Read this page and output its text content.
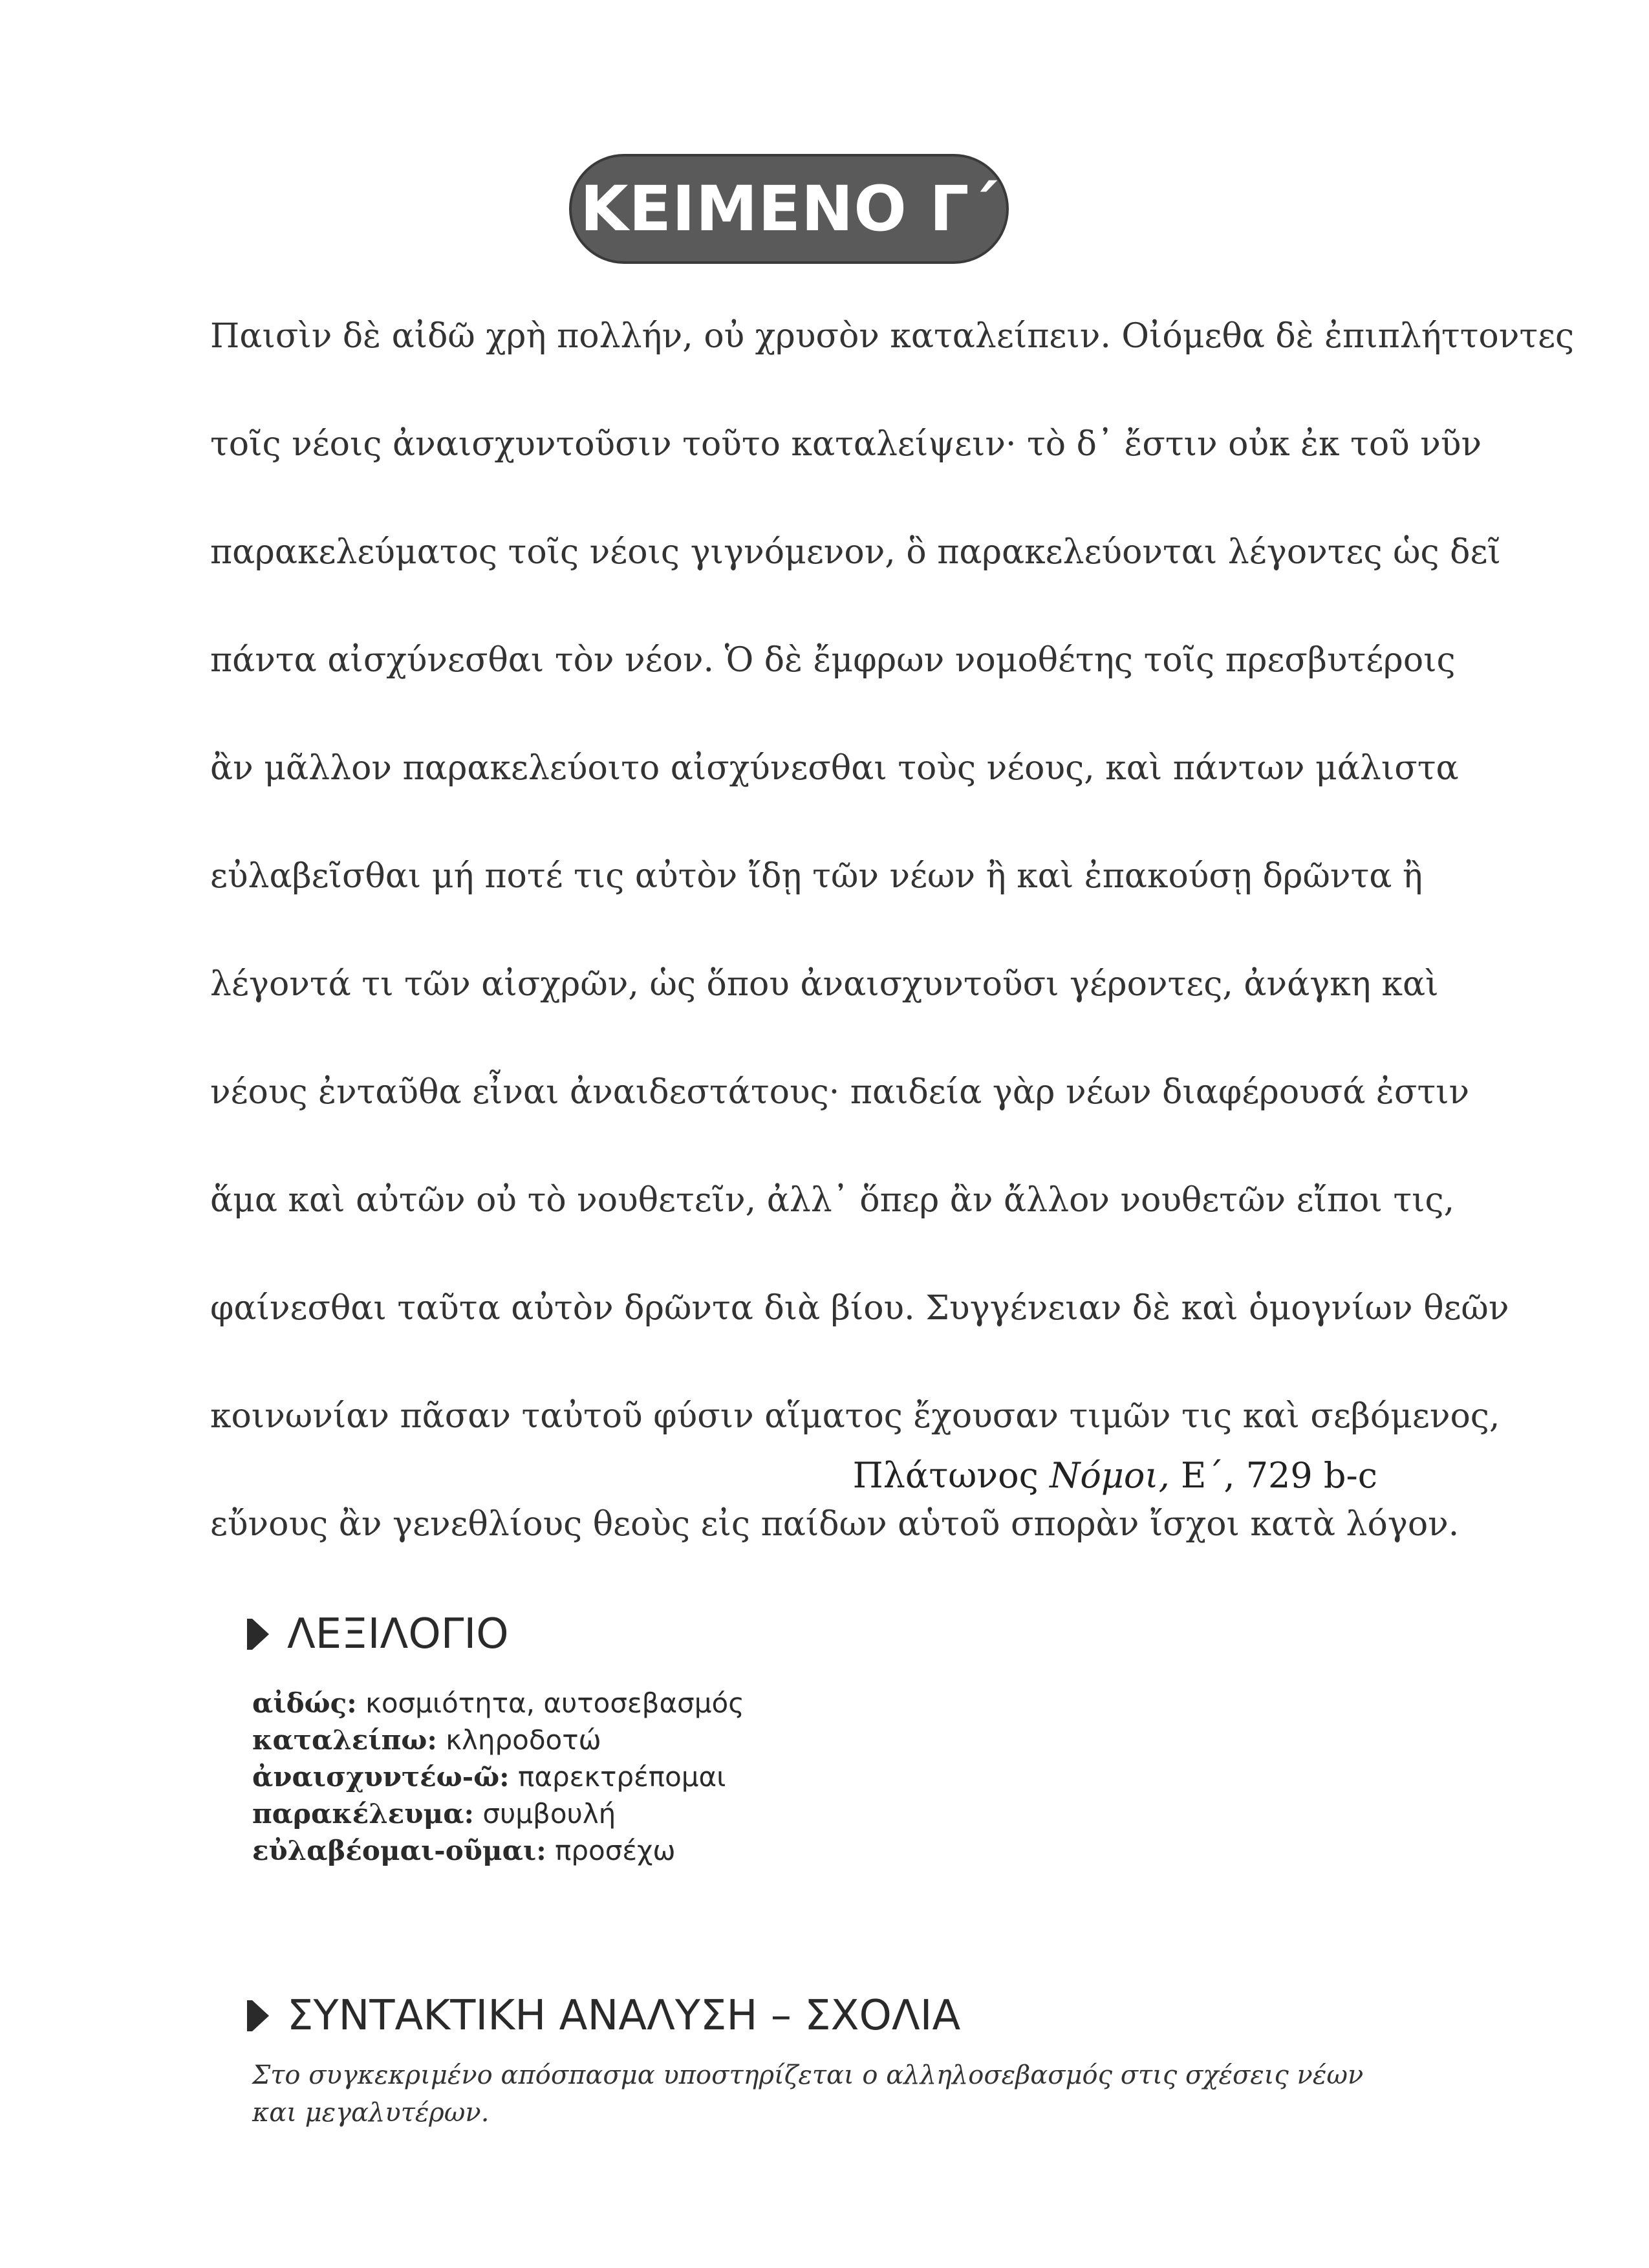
ΚΕΙΜΕΝΟ Γ΄
Παισὶν δὲ αἰδῶ χρὴ πολλήν, οὐ χρυσὸν καταλείπειν. Οἰόμεθα δὲ ἐπιπλήττοντες
τοῖς νέοις ἀναισχυντοῦσιν τοῦτο καταλείψειν· τὸ δ᾽ ἔστιν οὐκ ἐκ τοῦ νῦν
παρακελεύματος τοῖς νέοις γιγνόμενον, ὃ παρακελεύονται λέγοντες ὡς δεῖ
πάντα αἰσχύνεσθαι τὸν νέον. Ὁ δὲ ἔμφρων νομοθέτης τοῖς πρεσβυτέροις
ἂν μᾶλλον παρακελεύοιτο αἰσχύνεσθαι τοὺς νέους, καὶ πάντων μάλιστα
εὐλαβεῖσθαι μή ποτέ τις αὐτὸν ἴδῃ τῶν νέων ἢ καὶ ἐπακούσῃ δρῶντα ἢ
λέγοντά τι τῶν αἰσχρῶν, ὡς ὅπου ἀναισχυντοῦσι γέροντες, ἀνάγκη καὶ
νέους ἐνταῦθα εἶναι ἀναιδεστάτους· παιδεία γὰρ νέων διαφέρουσά ἐστιν
ἅμα καὶ αὐτῶν οὐ τὸ νουθετεῖν, ἀλλ᾽ ὅπερ ἂν ἄλλον νουθετῶν εἴποι τις,
φαίνεσθαι ταῦτα αὐτὸν δρῶντα διὰ βίου. Συγγένειαν δὲ καὶ ὁμογνίων θεῶν
κοινωνίαν πᾶσαν ταὐτοῦ φύσιν αἵματος ἔχουσαν τιμῶν τις καὶ σεβόμενος,
εὔνους ἂν γενεθλίους θεοὺς εἰς παίδων αὑτοῦ σπορὰν ἴσχοι κατὰ λόγον.
Πλάτωνος Νόμοι, Ε΄, 729 b-c
ΛΕΞΙΛΟΓΙΟ
αἰδώς: κοσμιότητα, αυτοσεβασμός
καταλείπω: κληροδοτώ
ἀναισχυντέω-ῶ: παρεκτρέπομαι
παρακέλευμα: συμβουλή
εὐλαβέομαι-οῦμαι: προσέχω
ΣΥΝΤΑΚΤΙΚΗ ΑΝΑΛΥΣΗ – ΣΧΟΛΙΑ
Στο συγκεκριμένο απόσπασμα υποστηρίζεται ο αλληλοσεβασμός στις σχέσεις νέων και μεγαλυτέρων.
